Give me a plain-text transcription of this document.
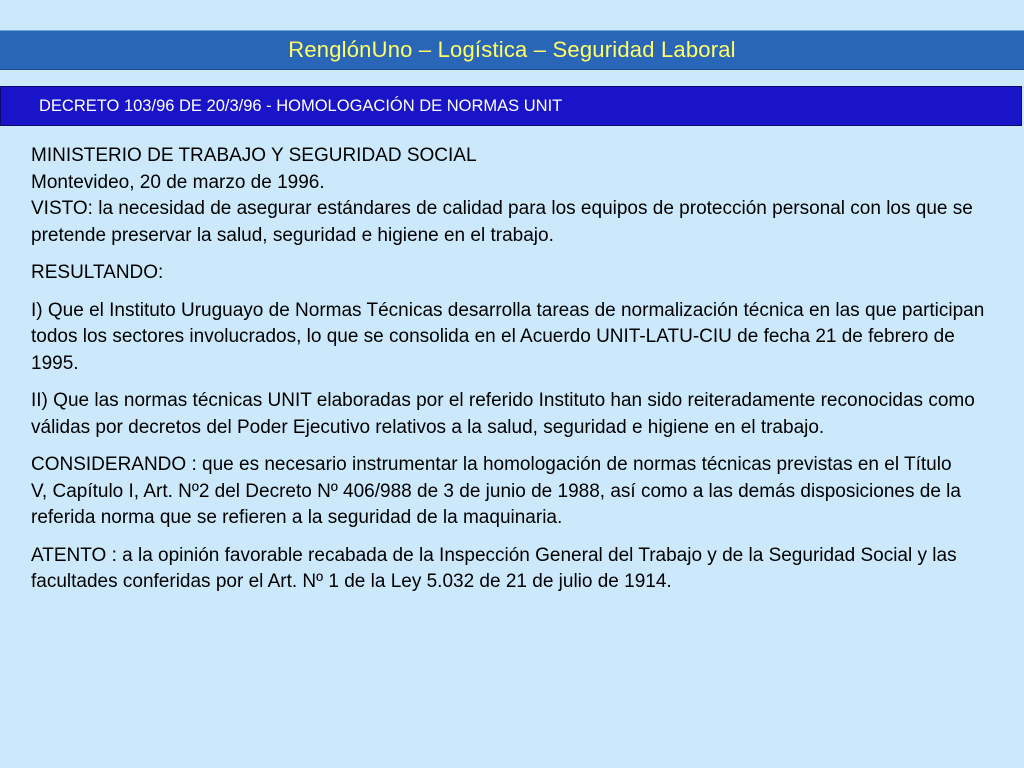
RenglónUno – Logística – Seguridad Laboral
DECRETO 103/96 DE 20/3/96 - HOMOLOGACIÓN DE NORMAS UNIT

MINISTERIO DE TRABAJO Y SEGURIDAD SOCIAL
Montevideo, 20 de marzo de 1996.
VISTO: la necesidad de asegurar estándares de calidad para los equipos de protección personal con los que se pretende preservar la salud, seguridad e higiene en el trabajo.

RESULTANDO:

I) Que el Instituto Uruguayo de Normas Técnicas desarrolla tareas de normalización técnica en las que participan todos los sectores involucrados, lo que se consolida en el Acuerdo UNIT-LATU-CIU de fecha 21 de febrero de 1995.

II) Que las normas técnicas UNIT elaboradas por el referido Instituto han sido reiteradamente reconocidas como válidas por decretos del Poder Ejecutivo relativos a la salud, seguridad e higiene en el trabajo.

CONSIDERANDO : que es necesario instrumentar la homologación de normas técnicas previstas en el Título
V, Capítulo I, Art. Nº2 del Decreto Nº 406/988 de 3 de junio de 1988, así como a las demás disposiciones de la referida norma que se refieren a la seguridad de la maquinaria.

ATENTO : a la opinión favorable recabada de la Inspección General del Trabajo y de la Seguridad Social y las facultades conferidas por el Art. Nº 1 de la Ley 5.032 de 21 de julio de 1914.
